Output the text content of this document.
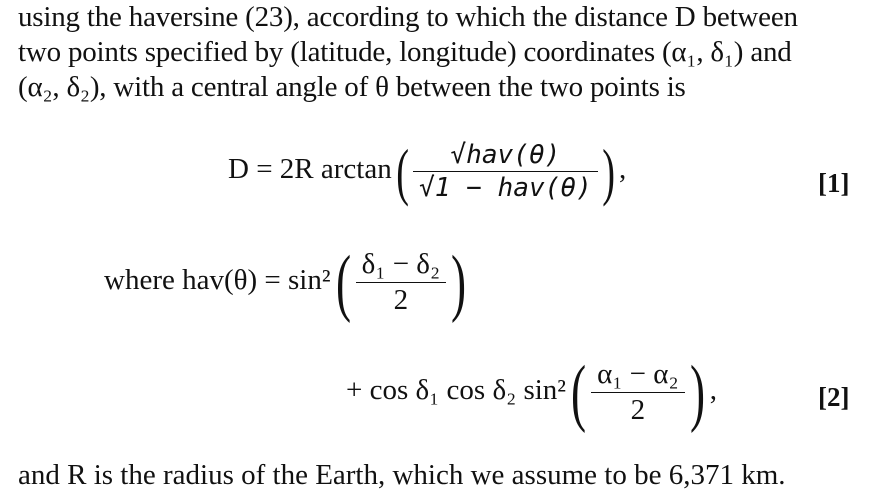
using the haversine (23), according to which the distance D between
two points specified by (latitude, longitude) coordinates (α₁, δ₁) and
(α₂, δ₂), with a central angle of θ between the two points is
D = 2R $\arctan( \frac{\text{√hav(θ)}}{\text{√1 − hav(θ)}}$ ) ,	[1]
where $hav(\theta) = \sin^2( \frac{\text{δ₁ − δ₂}}{2}$ )
+ cos δ₁ cos δ₂ $\sin^2( \frac{\text{α₁ − α₂}}{2}$ ) ,	[2]
and R is the radius of the Earth, which we assume to be 6,371 km.
